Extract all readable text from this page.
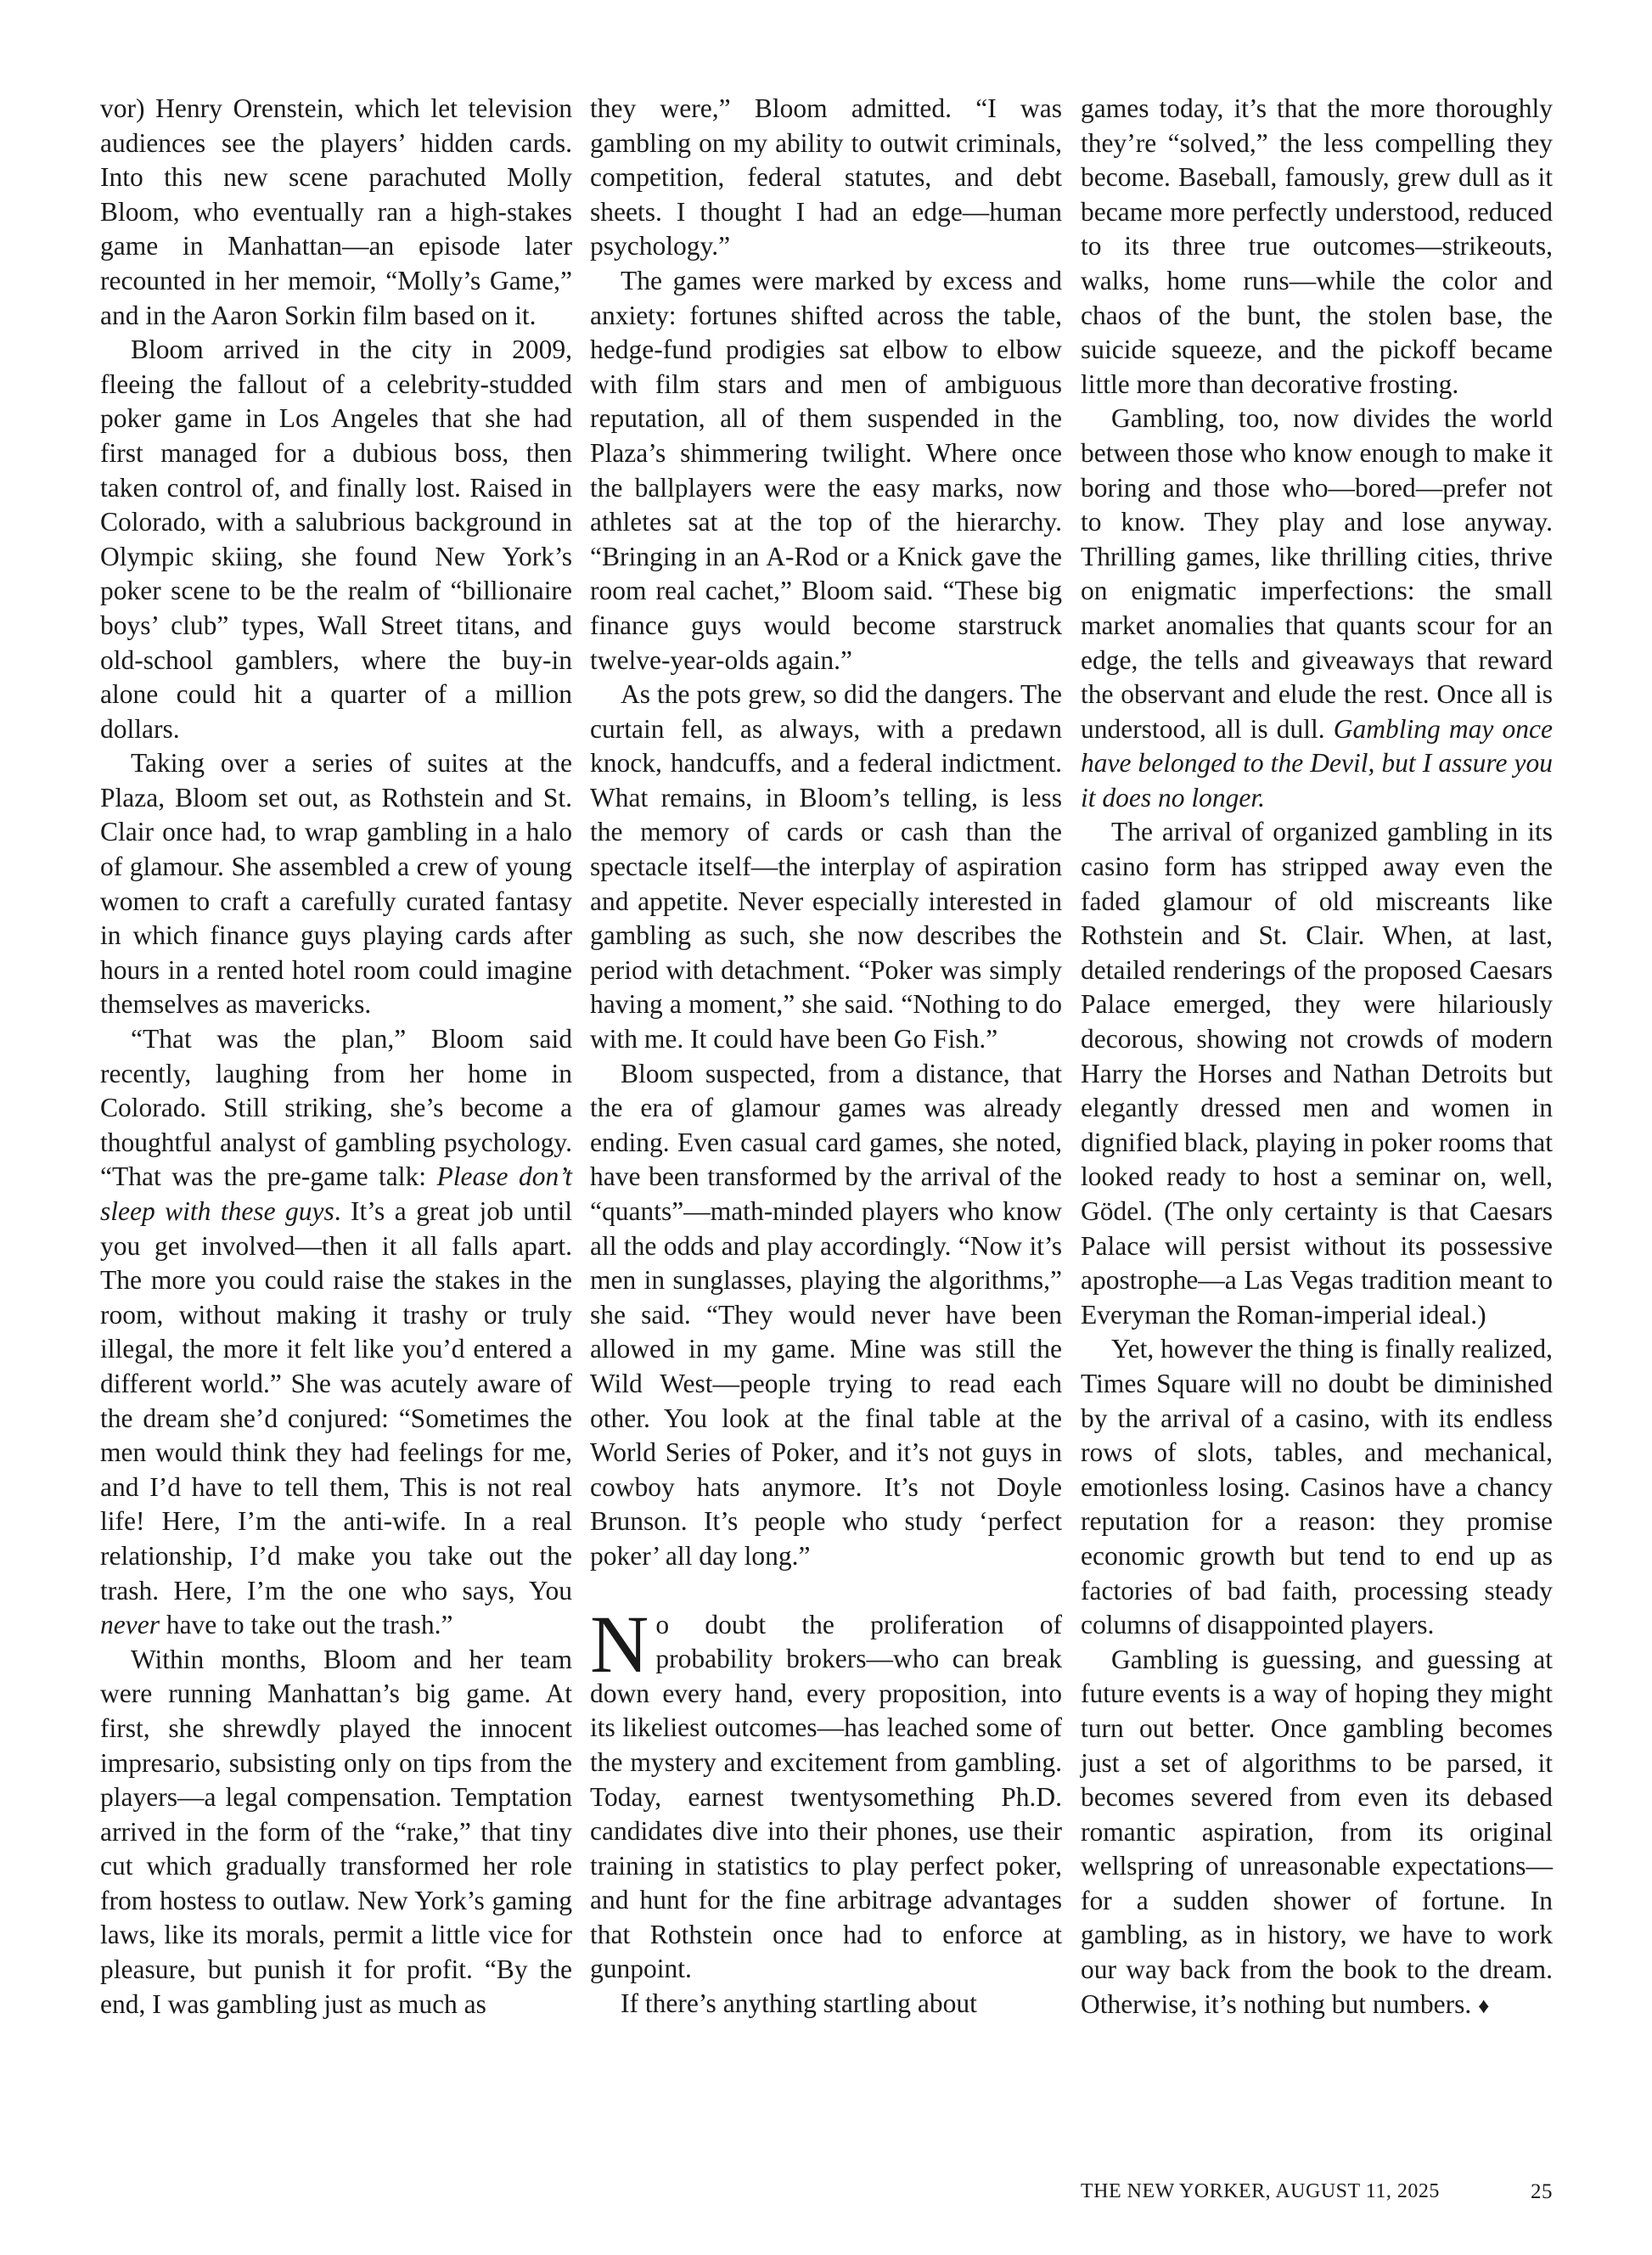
vor) Henry Orenstein, which let television audiences see the players’ hidden cards. Into this new scene parachuted Molly Bloom, who eventually ran a high-stakes game in Manhattan—an episode later recounted in her memoir, “Molly’s Game,” and in the Aaron Sorkin film based on it.

Bloom arrived in the city in 2009, fleeing the fallout of a celebrity-studded poker game in Los Angeles that she had first managed for a dubious boss, then taken control of, and finally lost. Raised in Colorado, with a salubrious background in Olympic skiing, she found New York’s poker scene to be the realm of “billionaire boys’ club” types, Wall Street titans, and old-school gamblers, where the buy-in alone could hit a quarter of a million dollars.

Taking over a series of suites at the Plaza, Bloom set out, as Rothstein and St. Clair once had, to wrap gambling in a halo of glamour. She assembled a crew of young women to craft a carefully curated fantasy in which finance guys playing cards after hours in a rented hotel room could imagine themselves as mavericks.

“That was the plan,” Bloom said recently, laughing from her home in Colorado. Still striking, she’s become a thoughtful analyst of gambling psychology. “That was the pre-game talk: Please don’t sleep with these guys. It’s a great job until you get involved—then it all falls apart. The more you could raise the stakes in the room, without making it trashy or truly illegal, the more it felt like you’d entered a different world.” She was acutely aware of the dream she’d conjured: “Sometimes the men would think they had feelings for me, and I’d have to tell them, This is not real life! Here, I’m the anti-wife. In a real relationship, I’d make you take out the trash. Here, I’m the one who says, You never have to take out the trash.”

Within months, Bloom and her team were running Manhattan’s big game. At first, she shrewdly played the innocent impresario, subsisting only on tips from the players—a legal compensation. Temptation arrived in the form of the “rake,” that tiny cut which gradually transformed her role from hostess to outlaw. New York’s gaming laws, like its morals, permit a little vice for pleasure, but punish it for profit. “By the end, I was gambling just as much as

they were,” Bloom admitted. “I was gambling on my ability to outwit criminals, competition, federal statutes, and debt sheets. I thought I had an edge—human psychology.”

The games were marked by excess and anxiety: fortunes shifted across the table, hedge-fund prodigies sat elbow to elbow with film stars and men of ambiguous reputation, all of them suspended in the Plaza’s shimmering twilight. Where once the ballplayers were the easy marks, now athletes sat at the top of the hierarchy. “Bringing in an A-Rod or a Knick gave the room real cachet,” Bloom said. “These big finance guys would become starstruck twelve-year-olds again.”

As the pots grew, so did the dangers. The curtain fell, as always, with a predawn knock, handcuffs, and a federal indictment. What remains, in Bloom’s telling, is less the memory of cards or cash than the spectacle itself—the interplay of aspiration and appetite. Never especially interested in gambling as such, she now describes the period with detachment. “Poker was simply having a moment,” she said. “Nothing to do with me. It could have been Go Fish.”

Bloom suspected, from a distance, that the era of glamour games was already ending. Even casual card games, she noted, have been transformed by the arrival of the “quants”—math-minded players who know all the odds and play accordingly. “Now it’s men in sunglasses, playing the algorithms,” she said. “They would never have been allowed in my game. Mine was still the Wild West—people trying to read each other. You look at the final table at the World Series of Poker, and it’s not guys in cowboy hats anymore. It’s not Doyle Brunson. It’s people who study ‘perfect poker’ all day long.”

No doubt the proliferation of probability brokers—who can break down every hand, every proposition, into its likeliest outcomes—has leached some of the mystery and excitement from gambling. Today, earnest twentysomething Ph.D. candidates dive into their phones, use their training in statistics to play perfect poker, and hunt for the fine arbitrage advantages that Rothstein once had to enforce at gunpoint.

If there’s anything startling about

games today, it’s that the more thoroughly they’re “solved,” the less compelling they become. Baseball, famously, grew dull as it became more perfectly understood, reduced to its three true outcomes—strikeouts, walks, home runs—while the color and chaos of the bunt, the stolen base, the suicide squeeze, and the pickoff became little more than decorative frosting.

Gambling, too, now divides the world between those who know enough to make it boring and those who—bored—prefer not to know. They play and lose anyway. Thrilling games, like thrilling cities, thrive on enigmatic imperfections: the small market anomalies that quants scour for an edge, the tells and giveaways that reward the observant and elude the rest. Once all is understood, all is dull. Gambling may once have belonged to the Devil, but I assure you it does no longer.

The arrival of organized gambling in its casino form has stripped away even the faded glamour of old miscreants like Rothstein and St. Clair. When, at last, detailed renderings of the proposed Caesars Palace emerged, they were hilariously decorous, showing not crowds of modern Harry the Horses and Nathan Detroits but elegantly dressed men and women in dignified black, playing in poker rooms that looked ready to host a seminar on, well, Gödel. (The only certainty is that Caesars Palace will persist without its possessive apostrophe—a Las Vegas tradition meant to Everyman the Roman-imperial ideal.)

Yet, however the thing is finally realized, Times Square will no doubt be diminished by the arrival of a casino, with its endless rows of slots, tables, and mechanical, emotionless losing. Casinos have a chancy reputation for a reason: they promise economic growth but tend to end up as factories of bad faith, processing steady columns of disappointed players.

Gambling is guessing, and guessing at future events is a way of hoping they might turn out better. Once gambling becomes just a set of algorithms to be parsed, it becomes severed from even its debased romantic aspiration, from its original wellspring of unreasonable expectations—for a sudden shower of fortune. In gambling, as in history, we have to work our way back from the book to the dream. Otherwise, it’s nothing but numbers. ♦

THE NEW YORKER, AUGUST 11, 2025	25
